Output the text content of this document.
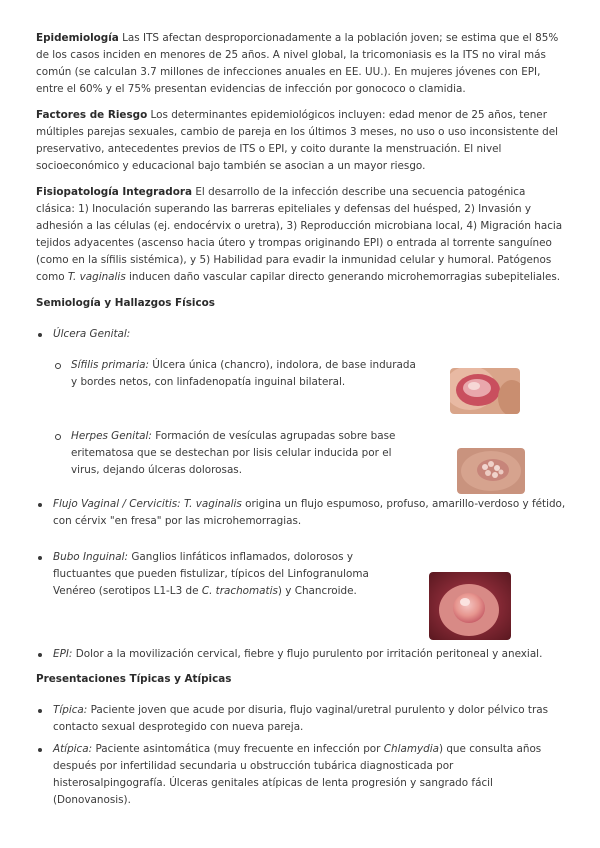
Epidemiología Las ITS afectan desproporcionadamente a la población joven; se estima que el 85% de los casos inciden en menores de 25 años. A nivel global, la tricomoniasis es la ITS no viral más común (se calculan 3.7 millones de infecciones anuales en EE. UU.). En mujeres jóvenes con EPI, entre el 60% y el 75% presentan evidencias de infección por gonococo o clamidia.

Factores de Riesgo Los determinantes epidemiológicos incluyen: edad menor de 25 años, tener múltiples parejas sexuales, cambio de pareja en los últimos 3 meses, no uso o uso inconsistente del preservativo, antecedentes previos de ITS o EPI, y coito durante la menstruación. El nivel socioeconómico y educacional bajo también se asocian a un mayor riesgo.

Fisiopatología Integradora El desarrollo de la infección describe una secuencia patogénica clásica: 1) Inoculación superando las barreras epiteliales y defensas del huésped, 2) Invasión y adhesión a las células (ej. endocérvix o uretra), 3) Reproducción microbiana local, 4) Migración hacia tejidos adyacentes (ascenso hacia útero y trompas originando EPI) o entrada al torrente sanguíneo (como en la sífilis sistémica), y 5) Habilidad para evadir la inmunidad celular y humoral. Patógenos como T. vaginalis inducen daño vascular capilar directo generando microhemorragias subepiteliales.

Semiología y Hallazgos Físicos

Úlcera Genital:
Sífilis primaria: Úlcera única (chancro), indolora, de base indurada y bordes netos, con linfadenopatía inguinal bilateral.
Herpes Genital: Formación de vesículas agrupadas sobre base eritematosa que se destechan por lisis celular inducida por el virus, dejando úlceras dolorosas.
Flujo Vaginal / Cervicitis: T. vaginalis origina un flujo espumoso, profuso, amarillo-verdoso y fétido, con cérvix "en fresa" por las microhemorragias.
Bubo Inguinal: Ganglios linfáticos inflamados, dolorosos y fluctuantes que pueden fistulizar, típicos del Linfogranuloma Venéreo (serotipos L1-L3 de C. trachomatis) y Chancroide.
EPI: Dolor a la movilización cervical, fiebre y flujo purulento por irritación peritoneal y anexial.

Presentaciones Típicas y Atípicas

Típica: Paciente joven que acude por disuria, flujo vaginal/uretral purulento y dolor pélvico tras contacto sexual desprotegido con nueva pareja.
Atípica: Paciente asintomática (muy frecuente en infección por Chlamydia) que consulta años después por infertilidad secundaria u obstrucción tubárica diagnosticada por histerosalpingografía. Úlceras genitales atípicas de lenta progresión y sangrado fácil (Donovanosis).
